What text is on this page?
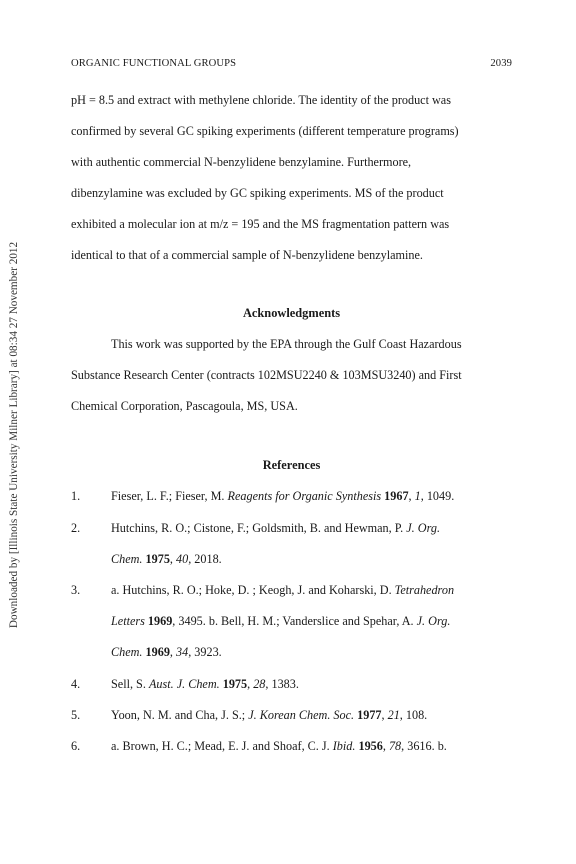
ORGANIC FUNCTIONAL GROUPS	2039
Downloaded by [Illinois State University Milner Library] at 08:34 27 November 2012
pH = 8.5 and extract with methylene chloride. The identity of the product was
confirmed by several GC spiking experiments (different temperature programs)
with authentic commercial N-benzylidene benzylamine. Furthermore,
dibenzylamine was excluded by GC spiking experiments. MS of the product
exhibited a molecular ion at m/z = 195 and the MS fragmentation pattern was
identical to that of a commercial sample of N-benzylidene benzylamine.
Acknowledgments
This work was supported by the EPA through the Gulf Coast Hazardous
Substance Research Center (contracts 102MSU2240 & 103MSU3240) and First
Chemical Corporation, Pascagoula, MS, USA.
References
1.	Fieser, L. F.; Fieser, M. Reagents for Organic Synthesis 1967, 1, 1049.
2.	Hutchins, R. O.; Cistone, F.; Goldsmith, B. and Hewman, P. J. Org.
Chem. 1975, 40, 2018.
3.	a. Hutchins, R. O.; Hoke, D. ; Keogh, J. and Koharski, D. Tetrahedron
Letters 1969, 3495. b. Bell, H. M.; Vanderslice and Spehar, A. J. Org.
Chem. 1969, 34, 3923.
4.	Sell, S. Aust. J. Chem. 1975, 28, 1383.
5.	Yoon, N. M. and Cha, J. S.; J. Korean Chem. Soc. 1977, 21, 108.
6.	a. Brown, H. C.; Mead, E. J. and Shoaf, C. J. Ibid. 1956, 78, 3616. b.
